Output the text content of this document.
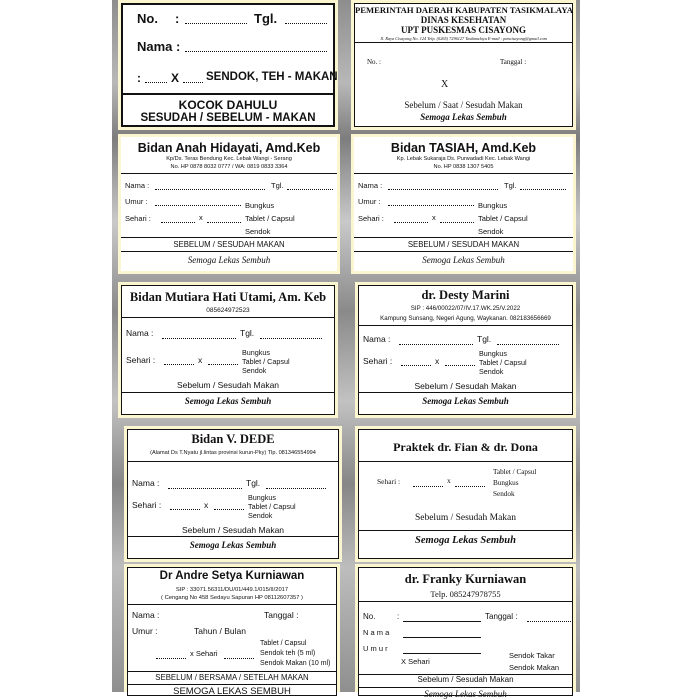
No. :	Tgl.
Nama :
:	X SENDOK, TEH - MAKAN
KOCOK DAHULU
SESUDAH / SEBELUM - MAKAN
PEMERINTAH DAERAH KABUPATEN TASIKMALAYA
DINAS KESEHATAN
UPT PUSKESMAS CISAYONG
Jl. Raya Cisayong No. 124 Telp. (0265) 7296127 Tasikmalaya E-mail : ptmcisayong@gmail.com
No. :	Tanggal :
X
Sebelum / Saat / Sesudah Makan
Semoga Lekas Sembuh
Bidan Anah Hidayati, Amd.Keb
Kp/Ds. Teras Bendung Kec. Lebak Wangi - Serang
No. HP 0878 8032 0777 / WA: 0819 0833 3364
Nama :	Tgl.
Umur :
Sehari :	x
Bungkus
Tablet / Capsul
Sendok
SEBELUM / SESUDAH MAKAN
Semoga Lekas Sembuh
Bidan TASIAH, Amd.Keb
Kp. Lebak Sukaraja Ds. Purwadadi Kec. Lebak Wangi
No. HP 0838 1307 5405
Nama :	Tgl.
Umur :
Sehari :	x
Bungkus
Tablet / Capsul
Sendok
SEBELUM / SESUDAH MAKAN
Semoga Lekas Sembuh
Bidan Mutiara Hati Utami, Am. Keb
085624972523
Nama :	Tgl.
Sehari :	x
Bungkus
Tablet / Capsul
Sendok
Sebelum / Sesudah Makan
Semoga Lekas Sembuh
dr. Desty Marini
SIP : 446/00022/07/IV.17.WK.25/V.2022
Kampung Sunsang, Negeri Agung, Waykanan. 082183656669
Nama :	Tgl.
Sehari :	x
Bungkus
Tablet / Capsul
Sendok
Sebelum / Sesudah Makan
Semoga Lekas Sembuh
Bidan V. DEDE
(Alamat Ds T.Nyatu jl.lintas provinsi kurun-Pky) Tlp. 081346554994
Nama :	Tgl.
Sehari :	x
Bungkus
Tablet / Capsul
Sendok
Sebelum / Sesudah Makan
Semoga Lekas Sembuh
Praktek dr. Fian & dr. Dona
Sehari :	x
Tablet / Capsul
Bungkus
Sendok
Sebelum / Sesudah Makan
Semoga Lekas Sembuh
Dr Andre Setya Kurniawan
SIP : 33071.56311/DU/01/449.1/015/II/2017
( Cengang No 458 Sedayu Sapuran HP 08112607357 )
Nama :	Tanggal :
Umur :	Tahun / Bulan
Tablet / Capsul
Sendok teh (5 ml)
x Sehari
Sendok Makan (10 ml)
SEBELUM / BERSAMA / SETELAH MAKAN
SEMOGA LEKAS SEMBUH
dr. Franky Kurniawan
Telp. 085247978755
No.	:	Tanggal :
N a m a
U m u r
Sendok Takar
X Sehari
Sendok Makan
Sebelum / Sesudah Makan
Semoga Lekas Sembuh
